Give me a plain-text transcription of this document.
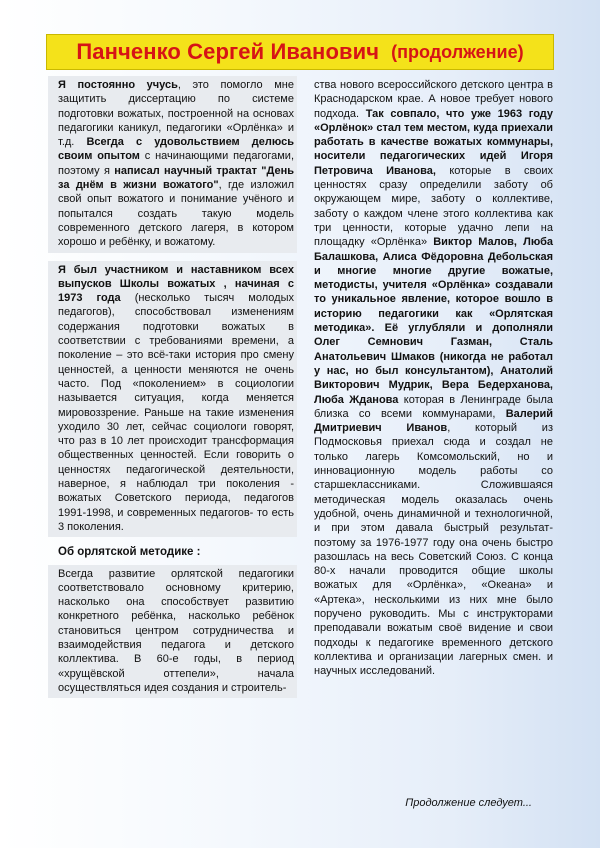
Панченко Сергей Иванович (продолжение)
Я постоянно учусь, это помогло мне защитить диссертацию по системе подготовки вожатых, построенной на основах педагогики каникул, педагогики «Орлёнка» и т.д. Всегда с удовольствием делюсь своим опытом с начинающими педагогами, поэтому я написал научный трактат "День за днём в жизни вожатого", где изложил свой опыт вожатого и понимание учёного и попытался создать такую модель современного детского лагеря, в котором хорошо и ребёнку, и вожатому.
Я был участником и наставником всех выпусков Школы вожатых , начиная с 1973 года (несколько тысяч молодых педагогов), способствовал изменениям содержания подготовки вожатых в соответствии с требованиями времени, а поколение – это всё-таки история про смену ценностей, а ценности меняются не очень часто. Под «поколением» в социологии называется ситуация, когда меняется мировоззрение. Раньше на такие изменения уходило 30 лет, сейчас социологи говорят, что раз в 10 лет происходит трансформация общественных ценностей. Если говорить о ценностях педагогической деятельности, наверное, я наблюдал три поколения - вожатых Советского периода, педагогов 1991-1998, и современных педагогов- то есть 3 поколения.
Об орлятской методике :
Всегда развитие орлятской педагогики соответствовало основному критерию, насколько она способствует развитию конкретного ребёнка, насколько ребёнок становиться центром сотрудничества и взаимодействия педагога и детского коллектива. В 60-е годы, в период «хрущёвской оттепели», начала осуществляться идея создания и строитель-
ства нового всероссийского детского центра в Краснодарском крае. А новое требует нового подхода. Так совпало, что уже 1963 году «Орлёнок» стал тем местом, куда приехали работать в качестве вожатых коммунары, носители педагогических идей Игоря Петровича Иванова, которые в своих ценностях сразу определили заботу об окружающем мире, заботу о коллективе, заботу о каждом члене этого коллектива как три ценности, которые удачно лепи на площадку «Орлёнка» Виктор Малов, Люба Балашкова, Алиса Фёдоровна Дебольская и многие многие другие вожатые, методисты, учителя «Орлёнка» создавали то уникальное явление, которое вошло в историю педагогики как «Орлятская методика». Её углубляли и дополняли Олег Семнович Газман, Сталь Анатольевич Шмаков (никогда не работал у нас, но был консультантом), Анатолий Викторович Мудрик, Вера Бедерханова, Люба Жданова которая в Ленинграде была близка со всеми коммунарами, Валерий Дмитриевич Иванов, который из Подмосковья приехал сюда и создал не только лагерь Комсомольский, но и инновационную модель работы со старшеклассниками. Сложившаяся методическая модель оказалась очень удобной, очень динамичной и технологичной, и при этом давала быстрый результат- поэтому за 1976-1977 году она очень быстро разошлась на весь Советский Союз. С конца 80-х начали проводится общие школы вожатых для «Орлёнка», «Океана» и «Артека», несколькими из них мне было поручено руководить. Мы с инструкторами преподавали вожатым своё видение и свои подходы к педагогике временного детского коллектива и организации лагерных смен. и научных исследований.
Продолжение следует...
